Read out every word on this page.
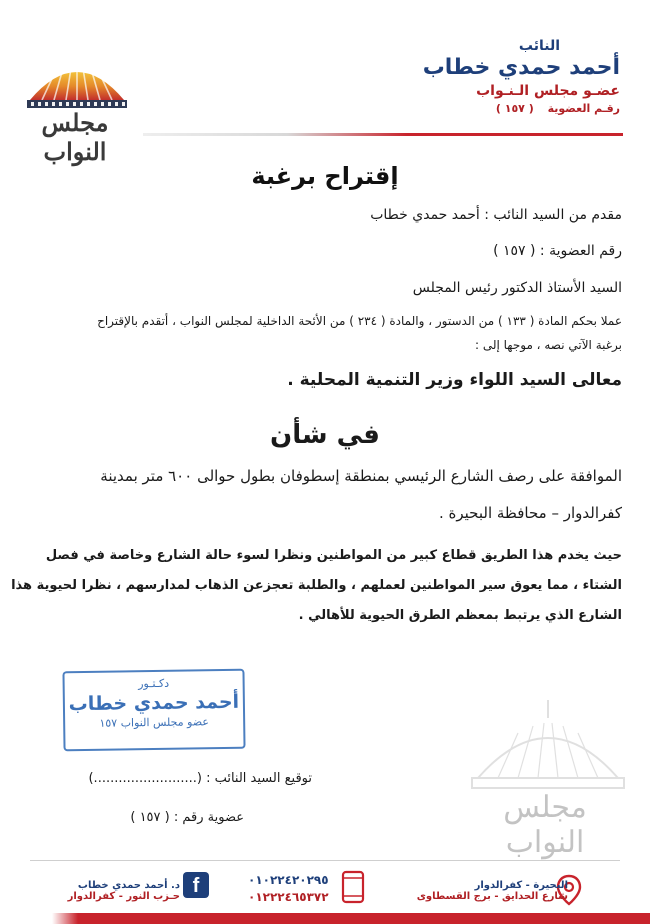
مجلس النواب
النائب
أحمد حمدي خطاب
عضـو مجلس الـنـواب
رقـم العضوية ( ١٥٧ )
إقتراح برغبة
مقدم من السيد النائب : أحمد حمدي خطاب
رقم العضوية : ( ١٥٧ )
السيد الأستاذ الدكتور رئيس المجلس
عملا بحكم المادة ( ١٣٣ ) من الدستور ، والمادة ( ٢٣٤ ) من الأئحة الداخلية لمجلس النواب ، أتقدم بالإقتراح
برغبة الآتي نصه ، موجها إلى :
معالى السيد اللواء وزير التنمية المحلية .
في شأن
الموافقة على رصف الشارع الرئيسي بمنطقة إسطوفان بطول حوالى ٦٠٠ متر بمدينة
كفرالدوار – محافظة البحيرة .
حيث يخدم هذا الطريق قطاع كبير من المواطنين ونظرا لسوء حالة الشارع وخاصة في فصل
الشتاء ، مما يعوق سير المواطنين لعملهم ، والطلبة تعجزعن الذهاب لمدارسهم ، نظرا لحيوية هذا
الشارع الذي يرتبط بمعظم الطرق الحيوية للأهالي .
دكـتـور
أحمد حمدي خطاب
عضو مجلس النواب ١٥٧
مجلس النواب
توقيع السيد النائب : (.........................)
عضوية رقم : ( ١٥٧ )
البحيرة - كفرالدوار
شارع الحدايق - برج القسطاوى
٠١٠٢٢٤٢٠٢٩٥
٠١٢٢٢٤٦٥٣٧٢
f
د. أحمد حمدي خطاب
حـزب النور - كفرالدوار
